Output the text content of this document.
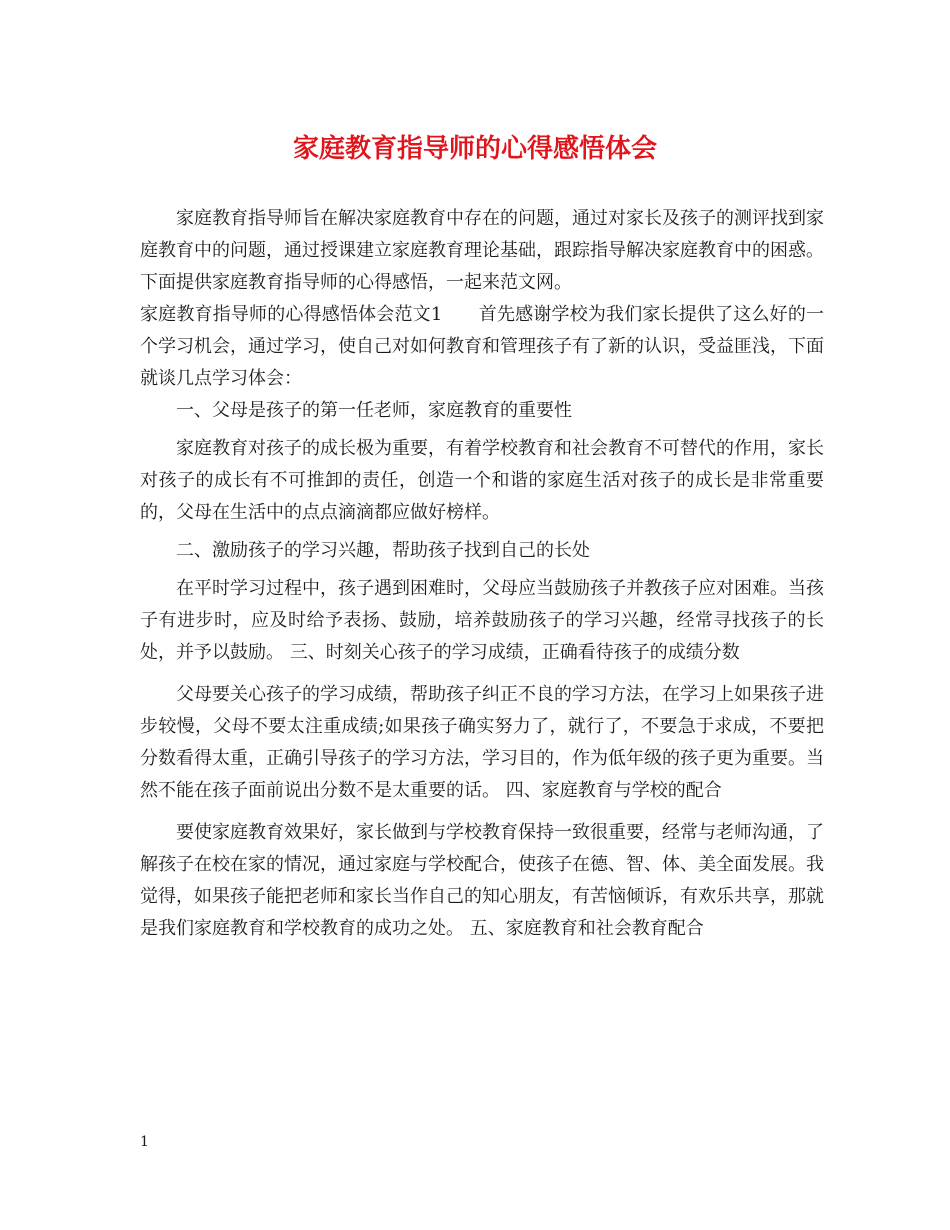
家庭教育指导师的心得感悟体会

家庭教育指导师旨在解决家庭教育中存在的问题，通过对家长及孩子的测评找到家庭教育中的问题，通过授课建立家庭教育理论基础，跟踪指导解决家庭教育中的困惑。下面提供家庭教育指导师的心得感悟，一起来范文网。

家庭教育指导师的心得感悟体会范文1　　首先感谢学校为我们家长提供了这么好的一个学习机会，通过学习，使自己对如何教育和管理孩子有了新的认识，受益匪浅，下面就谈几点学习体会：

一、父母是孩子的第一任老师，家庭教育的重要性

家庭教育对孩子的成长极为重要，有着学校教育和社会教育不可替代的作用，家长对孩子的成长有不可推卸的责任，创造一个和谐的家庭生活对孩子的成长是非常重要的，父母在生活中的点点滴滴都应做好榜样。

二、激励孩子的学习兴趣，帮助孩子找到自己的长处

在平时学习过程中，孩子遇到困难时，父母应当鼓励孩子并教孩子应对困难。当孩子有进步时，应及时给予表扬、鼓励，培养鼓励孩子的学习兴趣，经常寻找孩子的长处，并予以鼓励。 三、时刻关心孩子的学习成绩，正确看待孩子的成绩分数

父母要关心孩子的学习成绩，帮助孩子纠正不良的学习方法，在学习上如果孩子进步较慢，父母不要太注重成绩;如果孩子确实努力了，就行了，不要急于求成，不要把分数看得太重，正确引导孩子的学习方法，学习目的，作为低年级的孩子更为重要。当然不能在孩子面前说出分数不是太重要的话。 四、家庭教育与学校的配合

要使家庭教育效果好，家长做到与学校教育保持一致很重要，经常与老师沟通，了解孩子在校在家的情况，通过家庭与学校配合，使孩子在德、智、体、美全面发展。我觉得，如果孩子能把老师和家长当作自己的知心朋友，有苦恼倾诉，有欢乐共享，那就是我们家庭教育和学校教育的成功之处。 五、家庭教育和社会教育配合

1
